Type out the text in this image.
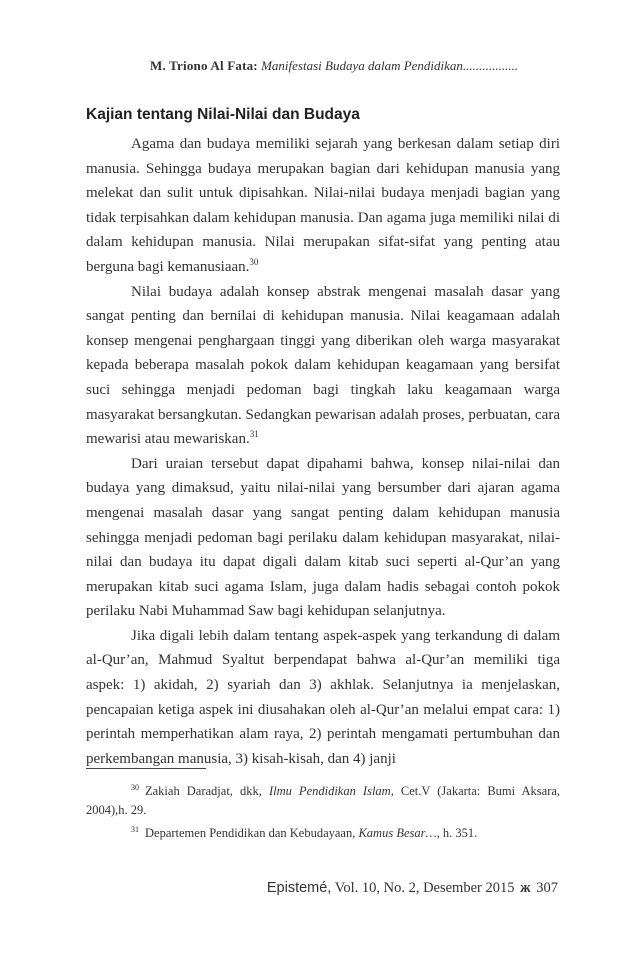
M. Triono Al Fata: Manifestasi Budaya dalam Pendidikan.................
Kajian tentang Nilai-Nilai dan Budaya

Agama dan budaya memiliki sejarah yang berkesan dalam setiap diri manusia. Sehingga budaya merupakan bagian dari kehidupan manusia yang melekat dan sulit untuk dipisahkan. Nilai-nilai budaya menjadi bagian yang tidak terpisahkan dalam kehidupan manusia. Dan agama juga memiliki nilai di dalam kehidupan manusia. Nilai merupakan sifat-sifat yang penting atau berguna bagi kemanusiaan.$^{30}$

Nilai budaya adalah konsep abstrak mengenai masalah dasar yang sangat penting dan bernilai di kehidupan manusia. Nilai keagamaan adalah konsep mengenai penghargaan tinggi yang diberikan oleh warga masyarakat kepada beberapa masalah pokok dalam kehidupan keagamaan yang bersifat suci sehingga menjadi pedoman bagi tingkah laku keagamaan warga masyarakat bersangkutan. Sedangkan pewarisan adalah proses, perbuatan, cara mewarisi atau mewariskan.$^{31}$

Dari uraian tersebut dapat dipahami bahwa, konsep nilai-nilai dan budaya yang dimaksud, yaitu nilai-nilai yang bersumber dari ajaran agama mengenai masalah dasar yang sangat penting dalam kehidupan manusia sehingga menjadi pedoman bagi perilaku dalam kehidupan masyarakat, nilai-nilai dan budaya itu dapat digali dalam kitab suci seperti al-Qur’an yang merupakan kitab suci agama Islam, juga dalam hadis sebagai contoh pokok perilaku Nabi Muhammad Saw bagi kehidupan selanjutnya.

Jika digali lebih dalam tentang aspek-aspek yang terkandung di dalam al-Qur’an, Mahmud Syaltut berpendapat bahwa al-Qur’an memiliki tiga aspek: 1) akidah, 2) syariah dan 3) akhlak. Selanjutnya ia menjelaskan, pencapaian ketiga aspek ini diusahakan oleh al-Qur’an melalui empat cara: 1) perintah memperhatikan alam raya, 2) perintah mengamati pertumbuhan dan perkembangan manusia, 3) kisah-kisah, dan 4) janji

$^{30}$ Zakiah Daradjat, dkk, Ilmu Pendidikan Islam, Cet.V (Jakarta: Bumi Aksara, 2004),h. 29.

$^{31}$ Departemen Pendidikan dan Kebudayaan, Kamus Besar…, h. 351.

Epistemé, Vol. 10, No. 2, Desember 2015 ж 307
